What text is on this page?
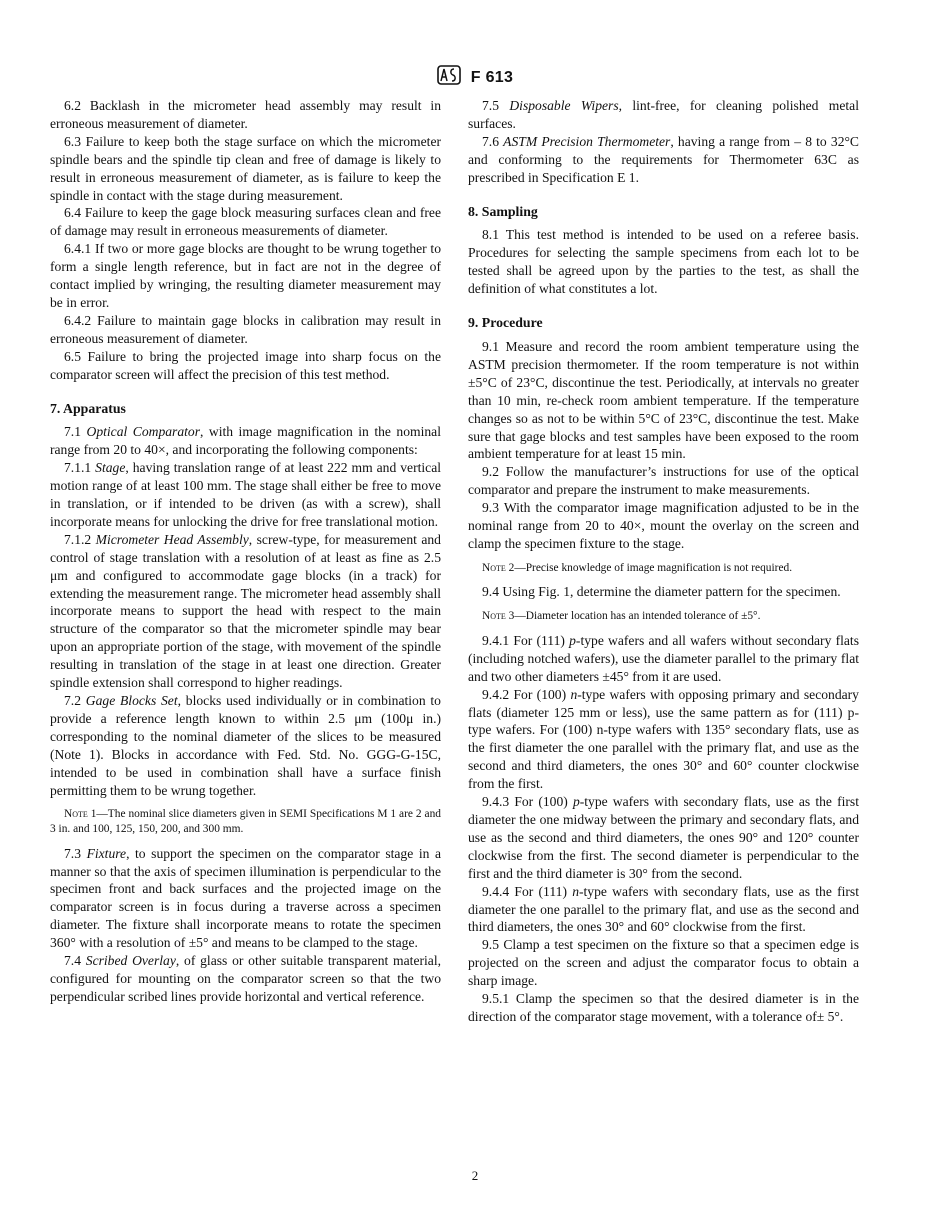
F 613

6.2 Backlash in the micrometer head assembly may result in erroneous measurement of diameter.

6.3 Failure to keep both the stage surface on which the micrometer spindle bears and the spindle tip clean and free of damage is likely to result in erroneous measurement of diameter, as is failure to keep the spindle in contact with the stage during measurement.

6.4 Failure to keep the gage block measuring surfaces clean and free of damage may result in erroneous measurements of diameter.

6.4.1 If two or more gage blocks are thought to be wrung together to form a single length reference, but in fact are not in the degree of contact implied by wringing, the resulting diameter measurement may be in error.

6.4.2 Failure to maintain gage blocks in calibration may result in erroneous measurement of diameter.

6.5 Failure to bring the projected image into sharp focus on the comparator screen will affect the precision of this test method.

7. Apparatus

7.1 Optical Comparator, with image magnification in the nominal range from 20 to 40×, and incorporating the following components:

7.1.1 Stage, having translation range of at least 222 mm and vertical motion range of at least 100 mm. The stage shall either be free to move in translation, or if intended to be driven (as with a screw), shall incorporate means for unlocking the drive for free translational motion.

7.1.2 Micrometer Head Assembly, screw-type, for measurement and control of stage translation with a resolution of at least as fine as 2.5 μm and configured to accommodate gage blocks (in a track) for extending the measurement range. The micrometer head assembly shall incorporate means to support the head with respect to the main structure of the comparator so that the micrometer spindle may bear upon an appropriate portion of the stage, with movement of the spindle resulting in translation of the stage in at least one direction. Greater spindle extension shall correspond to higher readings.

7.2 Gage Blocks Set, blocks used individually or in combination to provide a reference length known to within 2.5 μm (100μ in.) corresponding to the nominal diameter of the slices to be measured (Note 1). Blocks in accordance with Fed. Std. No. GGG-G-15C, intended to be used in combination shall have a surface finish permitting them to be wrung together.

Note 1—The nominal slice diameters given in SEMI Specifications M 1 are 2 and 3 in. and 100, 125, 150, 200, and 300 mm.

7.3 Fixture, to support the specimen on the comparator stage in a manner so that the axis of specimen illumination is perpendicular to the specimen front and back surfaces and the projected image on the comparator screen is in focus during a traverse across a specimen diameter. The fixture shall incorporate means to rotate the specimen 360° with a resolution of ±5° and means to be clamped to the stage.

7.4 Scribed Overlay, of glass or other suitable transparent material, configured for mounting on the comparator screen so that the two perpendicular scribed lines provide horizontal and vertical reference.

7.5 Disposable Wipers, lint-free, for cleaning polished metal surfaces.

7.6 ASTM Precision Thermometer, having a range from – 8 to 32°C and conforming to the requirements for Thermometer 63C as prescribed in Specification E 1.

8. Sampling

8.1 This test method is intended to be used on a referee basis. Procedures for selecting the sample specimens from each lot to be tested shall be agreed upon by the parties to the test, as shall the definition of what constitutes a lot.

9. Procedure

9.1 Measure and record the room ambient temperature using the ASTM precision thermometer. If the room temperature is not within ±5°C of 23°C, discontinue the test. Periodically, at intervals no greater than 10 min, re-check room ambient temperature. If the temperature changes so as not to be within 5°C of 23°C, discontinue the test. Make sure that gage blocks and test samples have been exposed to the room ambient temperature for at least 15 min.

9.2 Follow the manufacturer’s instructions for use of the optical comparator and prepare the instrument to make measurements.

9.3 With the comparator image magnification adjusted to be in the nominal range from 20 to 40×, mount the overlay on the screen and clamp the specimen fixture to the stage.

Note 2—Precise knowledge of image magnification is not required.

9.4 Using Fig. 1, determine the diameter pattern for the specimen.

Note 3—Diameter location has an intended tolerance of ±5°.

9.4.1 For (111) p-type wafers and all wafers without secondary flats (including notched wafers), use the diameter parallel to the primary flat and two other diameters ±45° from it are used.

9.4.2 For (100) n-type wafers with opposing primary and secondary flats (diameter 125 mm or less), use the same pattern as for (111) p-type wafers. For (100) n-type wafers with 135° secondary flats, use as the first diameter the one parallel with the primary flat, and use as the second and third diameters, the ones 30° and 60° counter clockwise from the first.

9.4.3 For (100) p-type wafers with secondary flats, use as the first diameter the one midway between the primary and secondary flats, and use as the second and third diameters, the ones 90° and 120° counter clockwise from the first. The second diameter is perpendicular to the first and the third diameter is 30° from the second.

9.4.4 For (111) n-type wafers with secondary flats, use as the first diameter the one parallel to the primary flat, and use as the second and third diameters, the ones 30° and 60° clockwise from the first.

9.5 Clamp a test specimen on the fixture so that a specimen edge is projected on the screen and adjust the comparator focus to obtain a sharp image.

9.5.1 Clamp the specimen so that the desired diameter is in the direction of the comparator stage movement, with a tolerance of± 5°.

2
